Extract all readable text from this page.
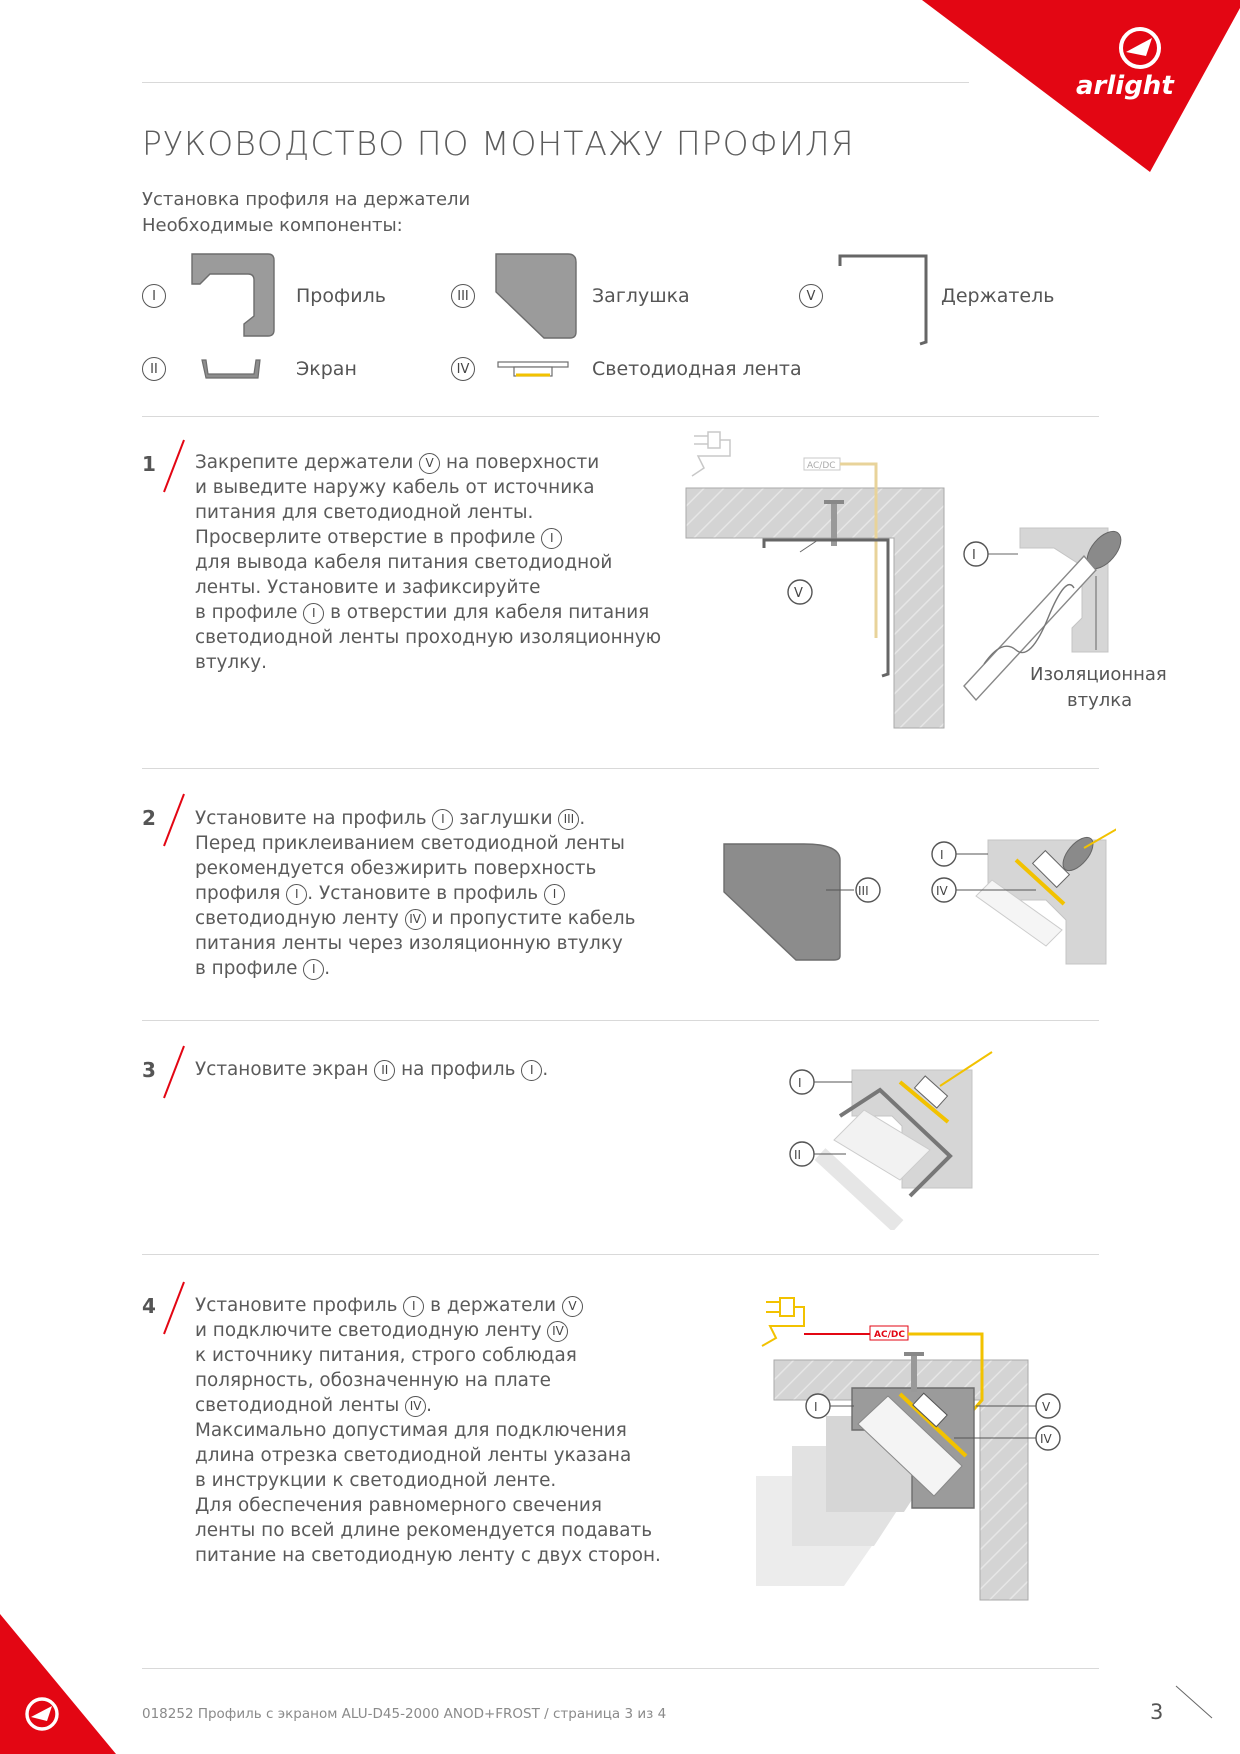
arlight
РУКОВОДСТВО ПО МОНТАЖУ ПРОФИЛЯ
Установка профиля на держатели
Необходимые компоненты:
I	Профиль
II	Экран
III	Заглушка
IV	Светодиодная лента
V	Держатель
1 Закрепите держатели V на поверхности

и выведите наружу кабель от источника

питания для светодиодной ленты.

Просверлите отверстие в профиле I

для вывода кабеля питания светодиодной

ленты. Установите и зафиксируйте

в профиле I в отверстии для кабеля питания

светодиодной ленты проходную изоляционную

втулку.

AC/DC
V
I
Изоляционная
втулка
2 Установите на профиль I заглушки III .

Перед приклеиванием светодиодной ленты

рекомендуется обезжирить поверхность

профиля I . Установите в профиль I

светодиодную ленту IV и пропустите кабель

питания ленты через изоляционную втулку

в профиле I .

III
I
IV
3 Установите экран II на профиль I .

I
II
4 Установите профиль I в держатели V

и подключите светодиодную ленту IV

к источнику питания, строго соблюдая

полярность, обозначенную на плате

светодиодной ленты IV .

Максимально допустимая для подключения

длина отрезка светодиодной ленты указана

в инструкции к светодиодной ленте.

Для обеспечения равномерного свечения

ленты по всей длине рекомендуется подавать

питание на светодиодную ленту с двух сторон.

AC/DC
I	V
IV
018252 Профиль с экраном ALU-D45-2000 ANOD+FROST / страница 3 из 4	3
